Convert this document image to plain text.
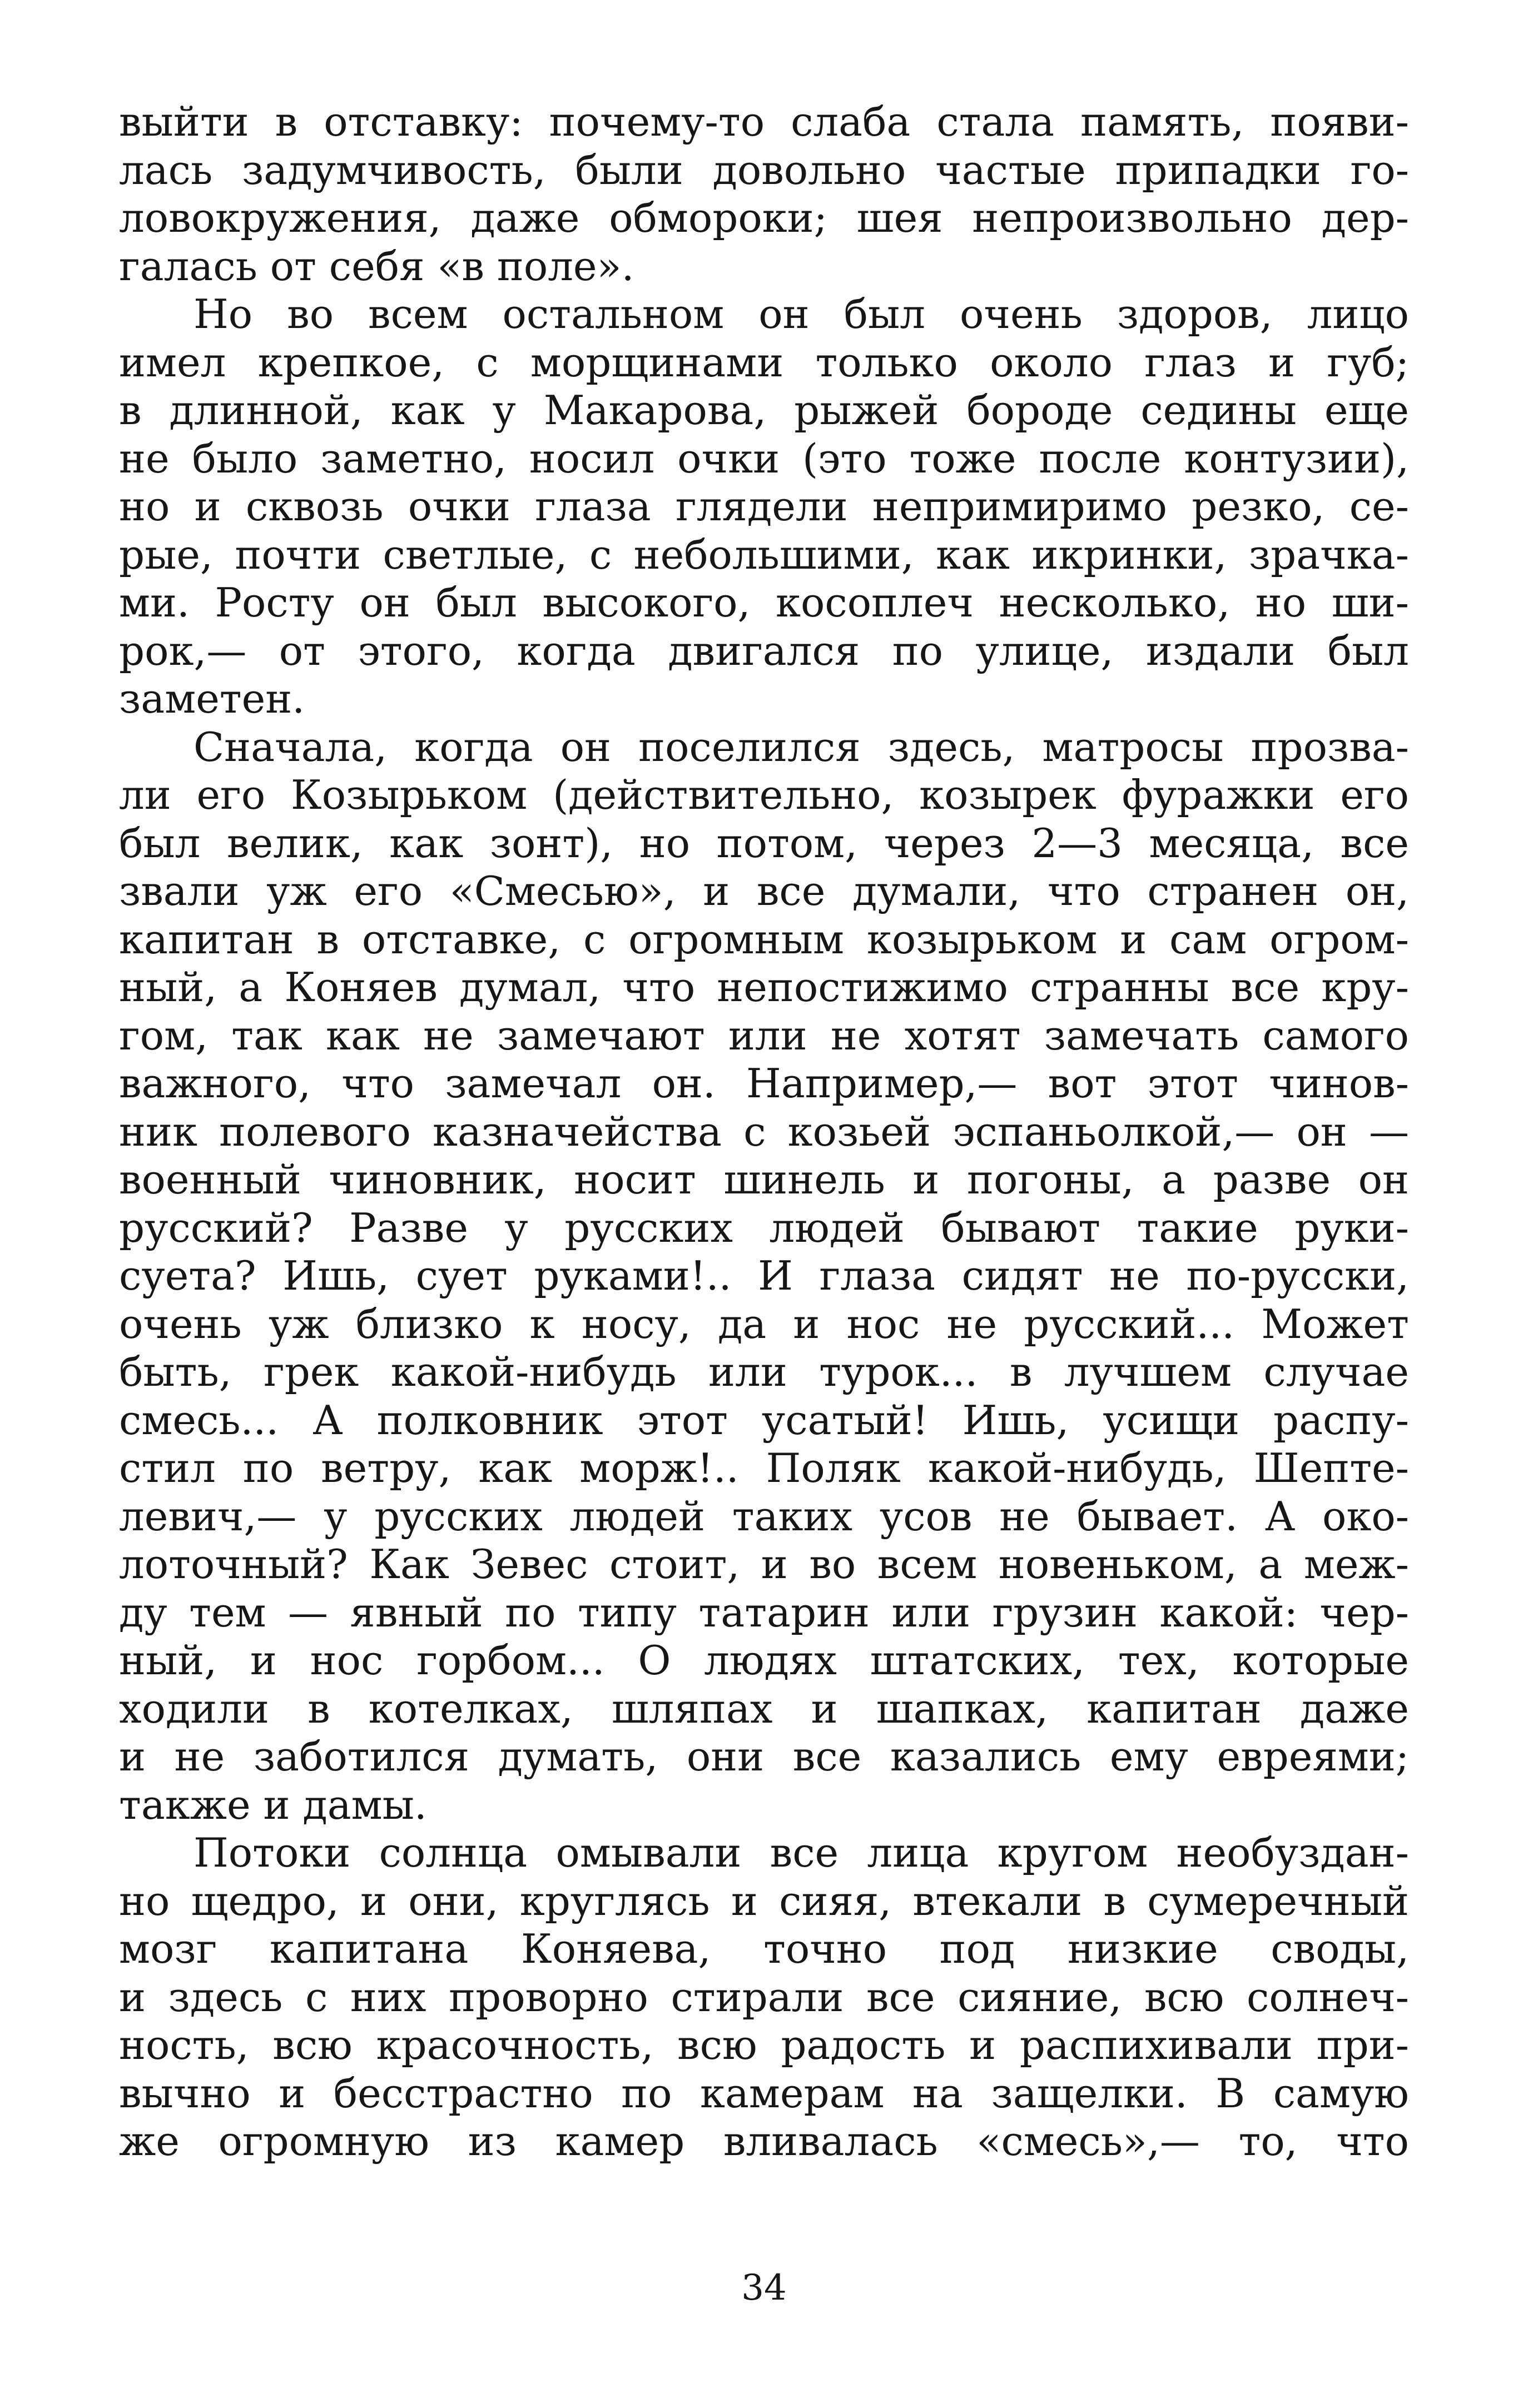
выйти в отставку: почему-то слаба стала память, появи-
лась задумчивость, были довольно частые припадки го-
ловокружения, даже обмороки; шея непроизвольно дер-
галась от себя «в поле».
Но во всем остальном он был очень здоров, лицо
имел крепкое, с морщинами только около глаз и губ;
в длинной, как у Макарова, рыжей бороде седины еще
не было заметно, носил очки (это тоже после контузии),
но и сквозь очки глаза глядели непримиримо резко, се-
рые, почти светлые, с небольшими, как икринки, зрачка-
ми. Росту он был высокого, косоплеч несколько, но ши-
рок,— от этого, когда двигался по улице, издали был
заметен.
Сначала, когда он поселился здесь, матросы прозва-
ли его Козырьком (действительно, козырек фуражки его
был велик, как зонт), но потом, через 2—3 месяца, все
звали уж его «Смесью», и все думали, что странен он,
капитан в отставке, с огромным козырьком и сам огром-
ный, а Коняев думал, что непостижимо странны все кру-
гом, так как не замечают или не хотят замечать самого
важного, что замечал он. Например,— вот этот чинов-
ник полевого казначейства с козьей эспаньолкой,— он —
военный чиновник, носит шинель и погоны, а разве он
русский? Разве у русских людей бывают такие руки-
суета? Ишь, сует руками!.. И глаза сидят не по-русски,
очень уж близко к носу, да и нос не русский... Может
быть, грек какой-нибудь или турок... в лучшем случае
смесь... А полковник этот усатый! Ишь, усищи распу-
стил по ветру, как морж!.. Поляк какой-нибудь, Шепте-
левич,— у русских людей таких усов не бывает. А око-
лоточный? Как Зевес стоит, и во всем новеньком, а меж-
ду тем — явный по типу татарин или грузин какой: чер-
ный, и нос горбом... О людях штатских, тех, которые
ходили в котелках, шляпах и шапках, капитан даже
и не заботился думать, они все казались ему евреями;
также и дамы.
Потоки солнца омывали все лица кругом необуздан-
но щедро, и они, круглясь и сияя, втекали в сумеречный
мозг капитана Коняева, точно под низкие своды,
и здесь с них проворно стирали все сияние, всю солнеч-
ность, всю красочность, всю радость и распихивали при-
вычно и бесстрастно по камерам на защелки. В самую
же огромную из камер вливалась «смесь»,— то, что
34
